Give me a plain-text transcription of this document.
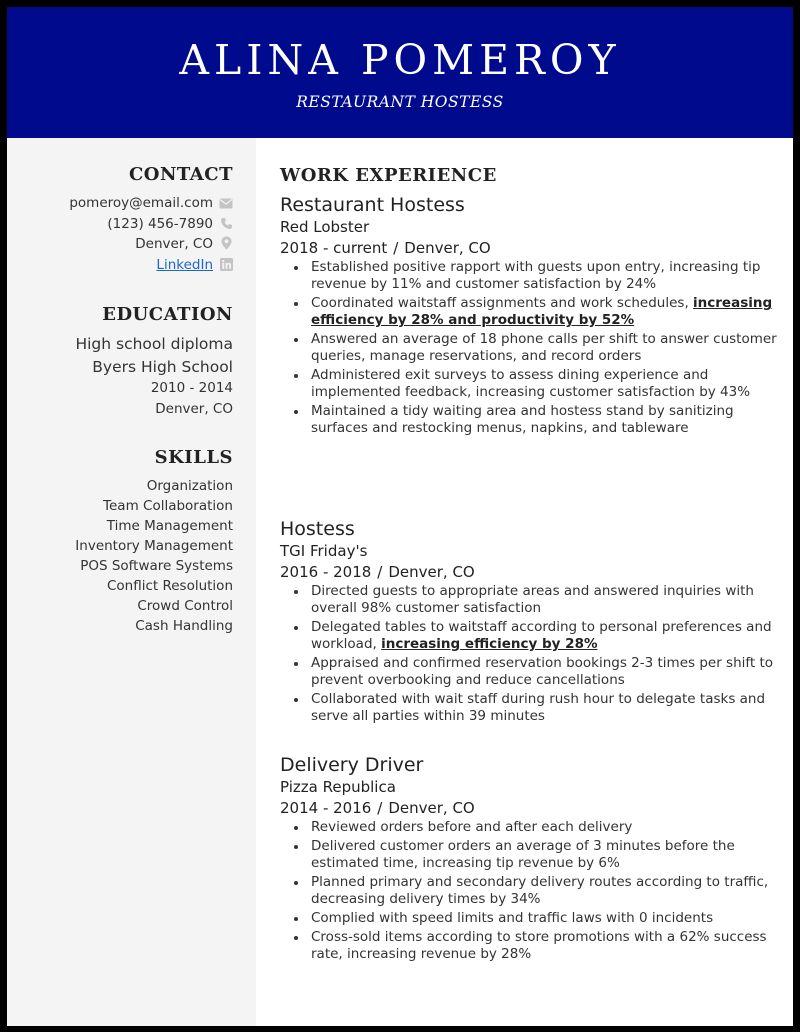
ALINA POMEROY
RESTAURANT HOSTESS
CONTACT
pomeroy@email.com
(123) 456-7890
Denver, CO
LinkedIn
EDUCATION
High school diploma
Byers High School
2010 - 2014
Denver, CO
SKILLS
Organization
Team Collaboration
Time Management
Inventory Management
POS Software Systems
Conflict Resolution
Crowd Control
Cash Handling
WORK EXPERIENCE
Restaurant Hostess
Red Lobster
2018 - current / Denver, CO
Established positive rapport with guests upon entry, increasing tip revenue by 11% and customer satisfaction by 24%
Coordinated waitstaff assignments and work schedules, increasing efficiency by 28% and productivity by 52%
Answered an average of 18 phone calls per shift to answer customer queries, manage reservations, and record orders
Administered exit surveys to assess dining experience and implemented feedback, increasing customer satisfaction by 43%
Maintained a tidy waiting area and hostess stand by sanitizing surfaces and restocking menus, napkins, and tableware
Hostess
TGI Friday's
2016 - 2018 / Denver, CO
Directed guests to appropriate areas and answered inquiries with overall 98% customer satisfaction
Delegated tables to waitstaff according to personal preferences and workload, increasing efficiency by 28%
Appraised and confirmed reservation bookings 2-3 times per shift to prevent overbooking and reduce cancellations
Collaborated with wait staff during rush hour to delegate tasks and serve all parties within 39 minutes
Delivery Driver
Pizza Republica
2014 - 2016 / Denver, CO
Reviewed orders before and after each delivery
Delivered customer orders an average of 3 minutes before the estimated time, increasing tip revenue by 6%
Planned primary and secondary delivery routes according to traffic, decreasing delivery times by 34%
Complied with speed limits and traffic laws with 0 incidents
Cross-sold items according to store promotions with a 62% success rate, increasing revenue by 28%
